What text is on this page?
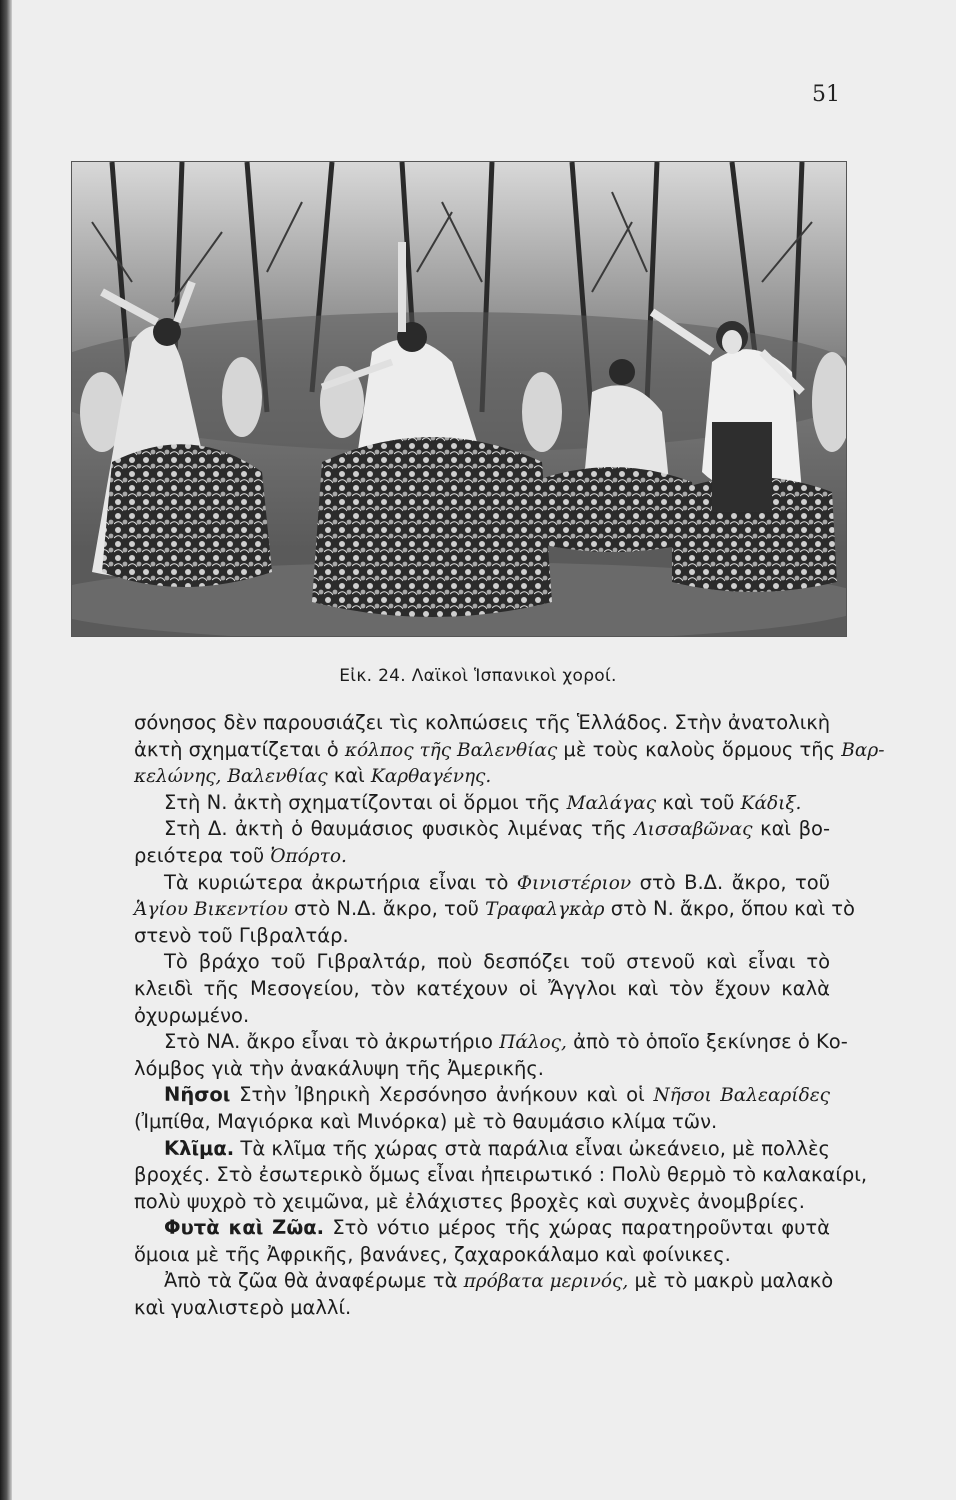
51
Εἰκ. 24. Λαϊκοὶ Ἱσπανικοὶ χοροί.
σόνησος δὲν παρουσιάζει τὶς κολπώσεις τῆς Ἑλλάδος. Στὴν ἀνατολικὴ
ἀκτὴ σχηματίζεται ὁ κόλπος τῆς Βαλενθίας μὲ τοὺς καλοὺς ὅρμους τῆς Βαρ-
κελώνης, Βαλενθίας καὶ Καρθαγένης.
Στὴ Ν. ἀκτὴ σχηματίζονται οἱ ὅρμοι τῆς Μαλάγας καὶ τοῦ Κάδιξ.
Στὴ Δ. ἀκτὴ ὁ θαυμάσιος φυσικὸς λιμένας τῆς Λισσαβῶνας καὶ βο-
ρειότερα τοῦ Ὀπόρτο.
Τὰ κυριώτερα ἀκρωτήρια εἶναι τὸ Φινιστέριον στὸ Β.Δ. ἄκρο, τοῦ
Ἁγίου Βικεντίου στὸ Ν.Δ. ἄκρο, τοῦ Τραφαλγκὰρ στὸ Ν. ἄκρο, ὅπου καὶ τὸ
στενὸ τοῦ Γιβραλτάρ.
Τὸ βράχο τοῦ Γιβραλτάρ, ποὺ δεσπόζει τοῦ στενοῦ καὶ εἶναι τὸ
κλειδὶ τῆς Μεσογείου, τὸν κατέχουν οἱ Ἄγγλοι καὶ τὸν ἔχουν καλὰ
ὀχυρωμένο.
Στὸ ΝΑ. ἄκρο εἶναι τὸ ἀκρωτήριο Πάλος, ἀπὸ τὸ ὁποῖο ξεκίνησε ὁ Κο-
λόμβος γιὰ τὴν ἀνακάλυψη τῆς Ἀμερικῆς.
Νῆσοι Στὴν Ἰβηρικὴ Χερσόνησο ἀνήκουν καὶ οἱ Νῆσοι Βαλεαρίδες
(Ἰμπίθα, Μαγιόρκα καὶ Μινόρκα) μὲ τὸ θαυμάσιο κλίμα τῶν.
Κλῖμα. Τὰ κλῖμα τῆς χώρας στὰ παράλια εἶναι ὠκεάνειο, μὲ πολλὲς
βροχές. Στὸ ἐσωτερικὸ ὅμως εἶναι ἠπειρωτικό : Πολὺ θερμὸ τὸ καλακαίρι,
πολὺ ψυχρὸ τὸ χειμῶνα, μὲ ἐλάχιστες βροχὲς καὶ συχνὲς ἀνομβρίες.
Φυτὰ καὶ Ζῶα. Στὸ νότιο μέρος τῆς χώρας παρατηροῦνται φυτὰ
ὅμοια μὲ τῆς Ἀφρικῆς, βανάνες, ζαχαροκάλαμο καὶ φοίνικες.
Ἀπὸ τὰ ζῶα θὰ ἀναφέρωμε τὰ πρόβατα μερινός, μὲ τὸ μακρὺ μαλακὸ
καὶ γυαλιστερὸ μαλλί.
